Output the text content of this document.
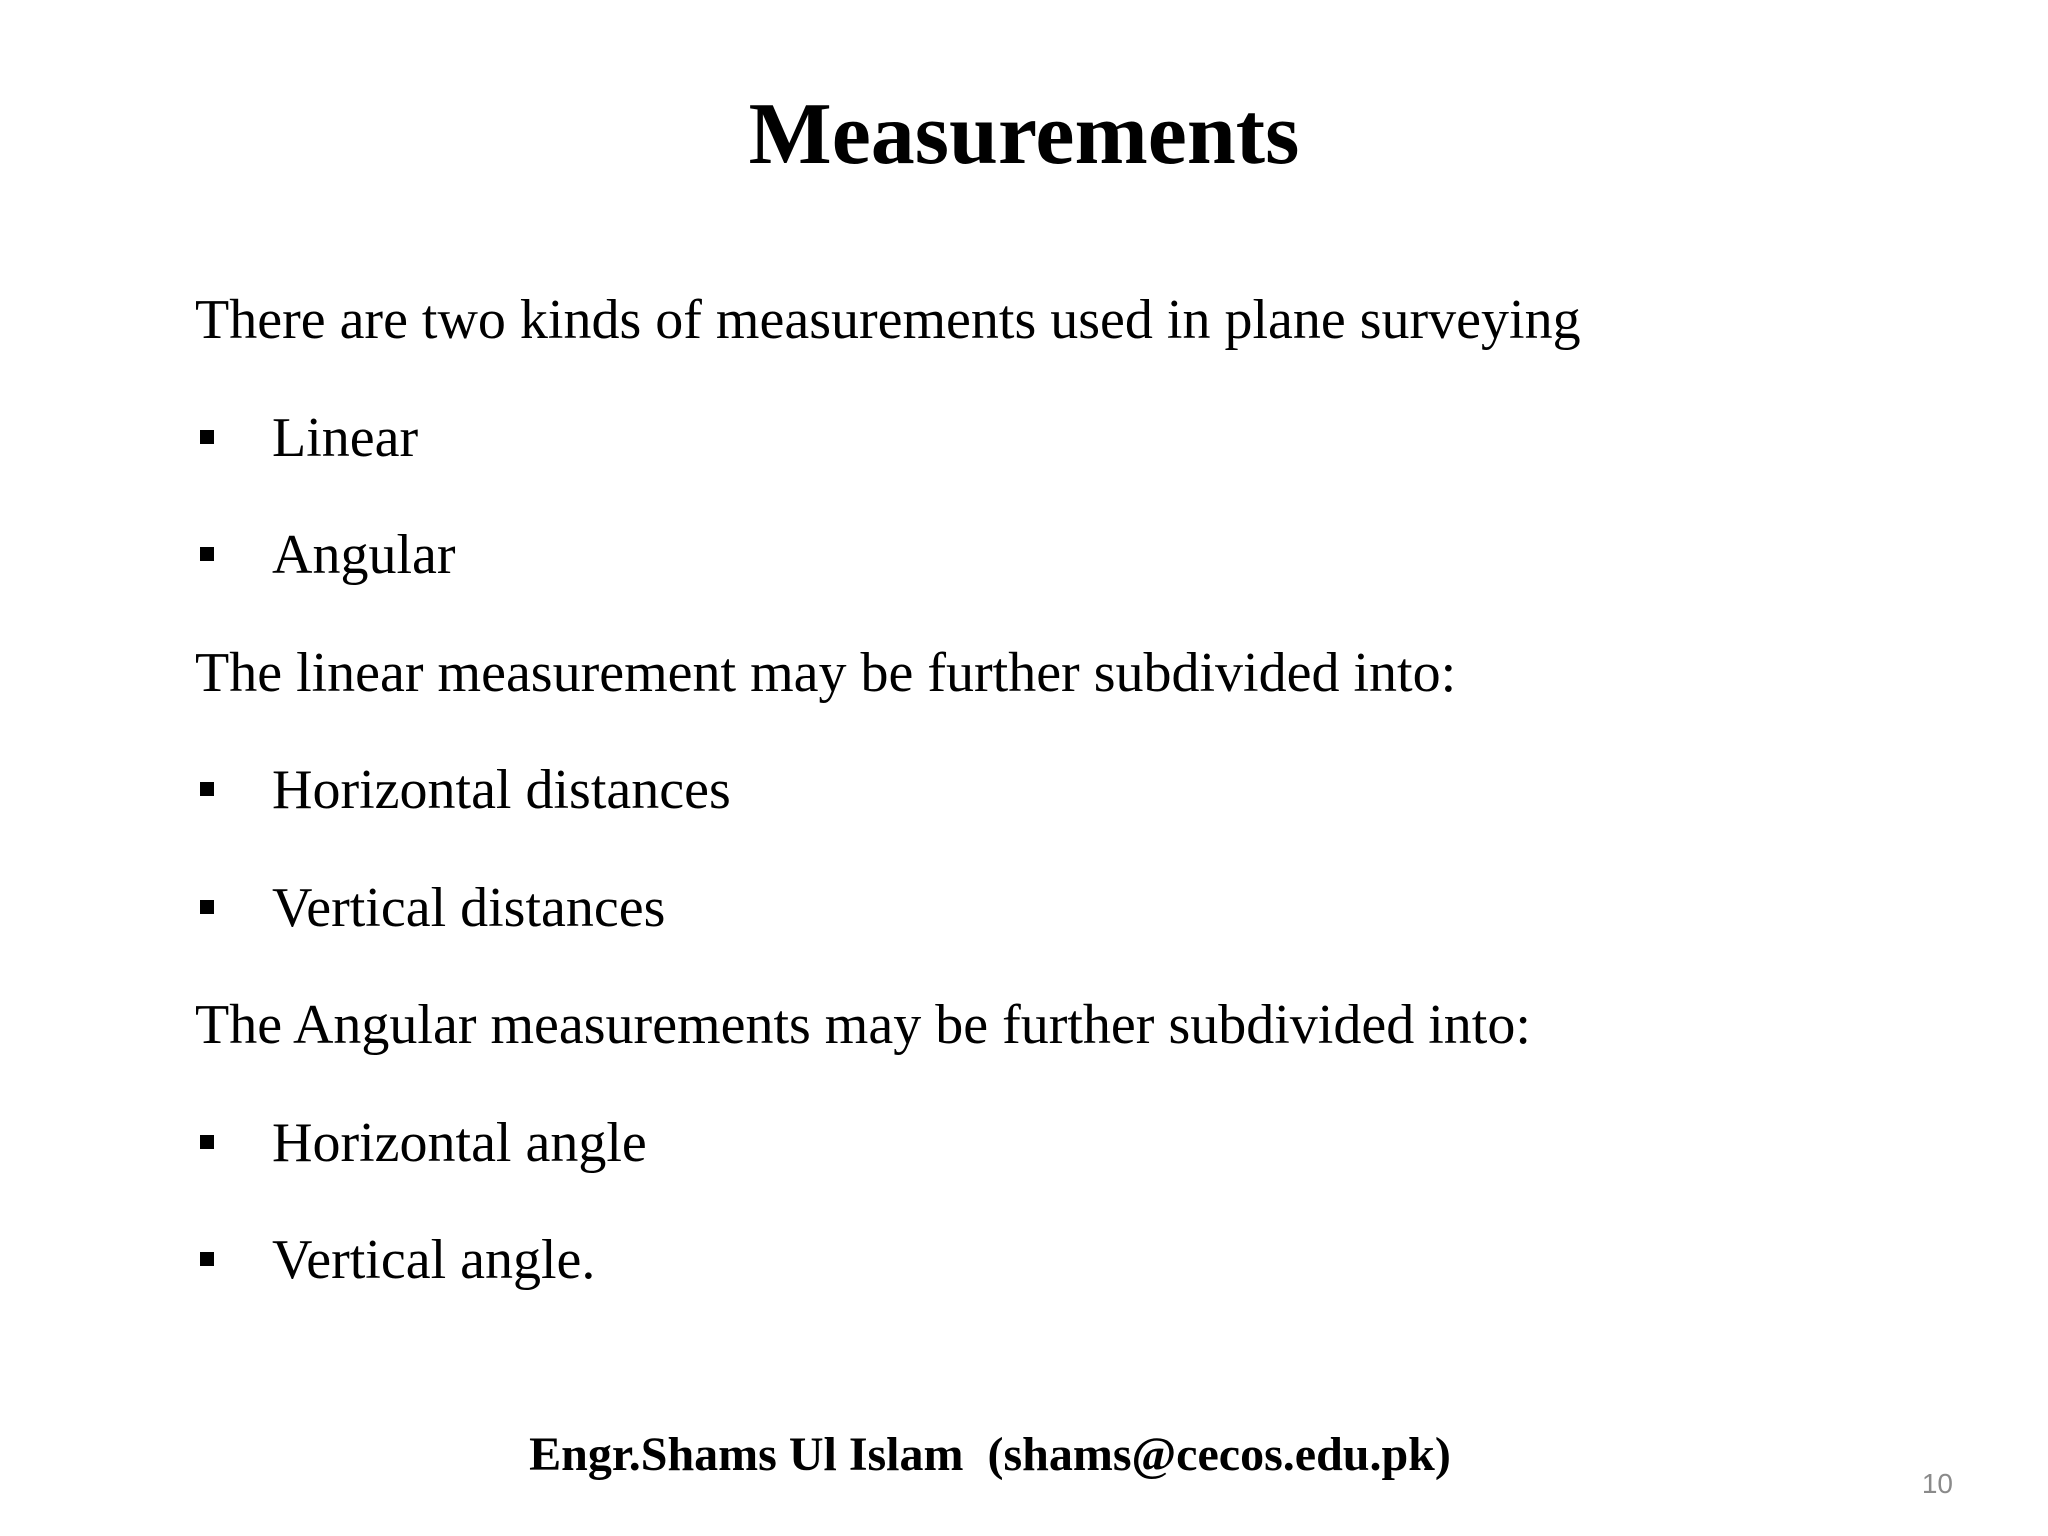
Measurements
There are two kinds of measurements used in plane surveying
Linear
Angular
The linear measurement may be further subdivided into:
Horizontal distances
Vertical distances
The Angular measurements may be further subdivided into:
Horizontal angle
Vertical angle.
Engr.Shams Ul Islam  (shams@cecos.edu.pk)
10
